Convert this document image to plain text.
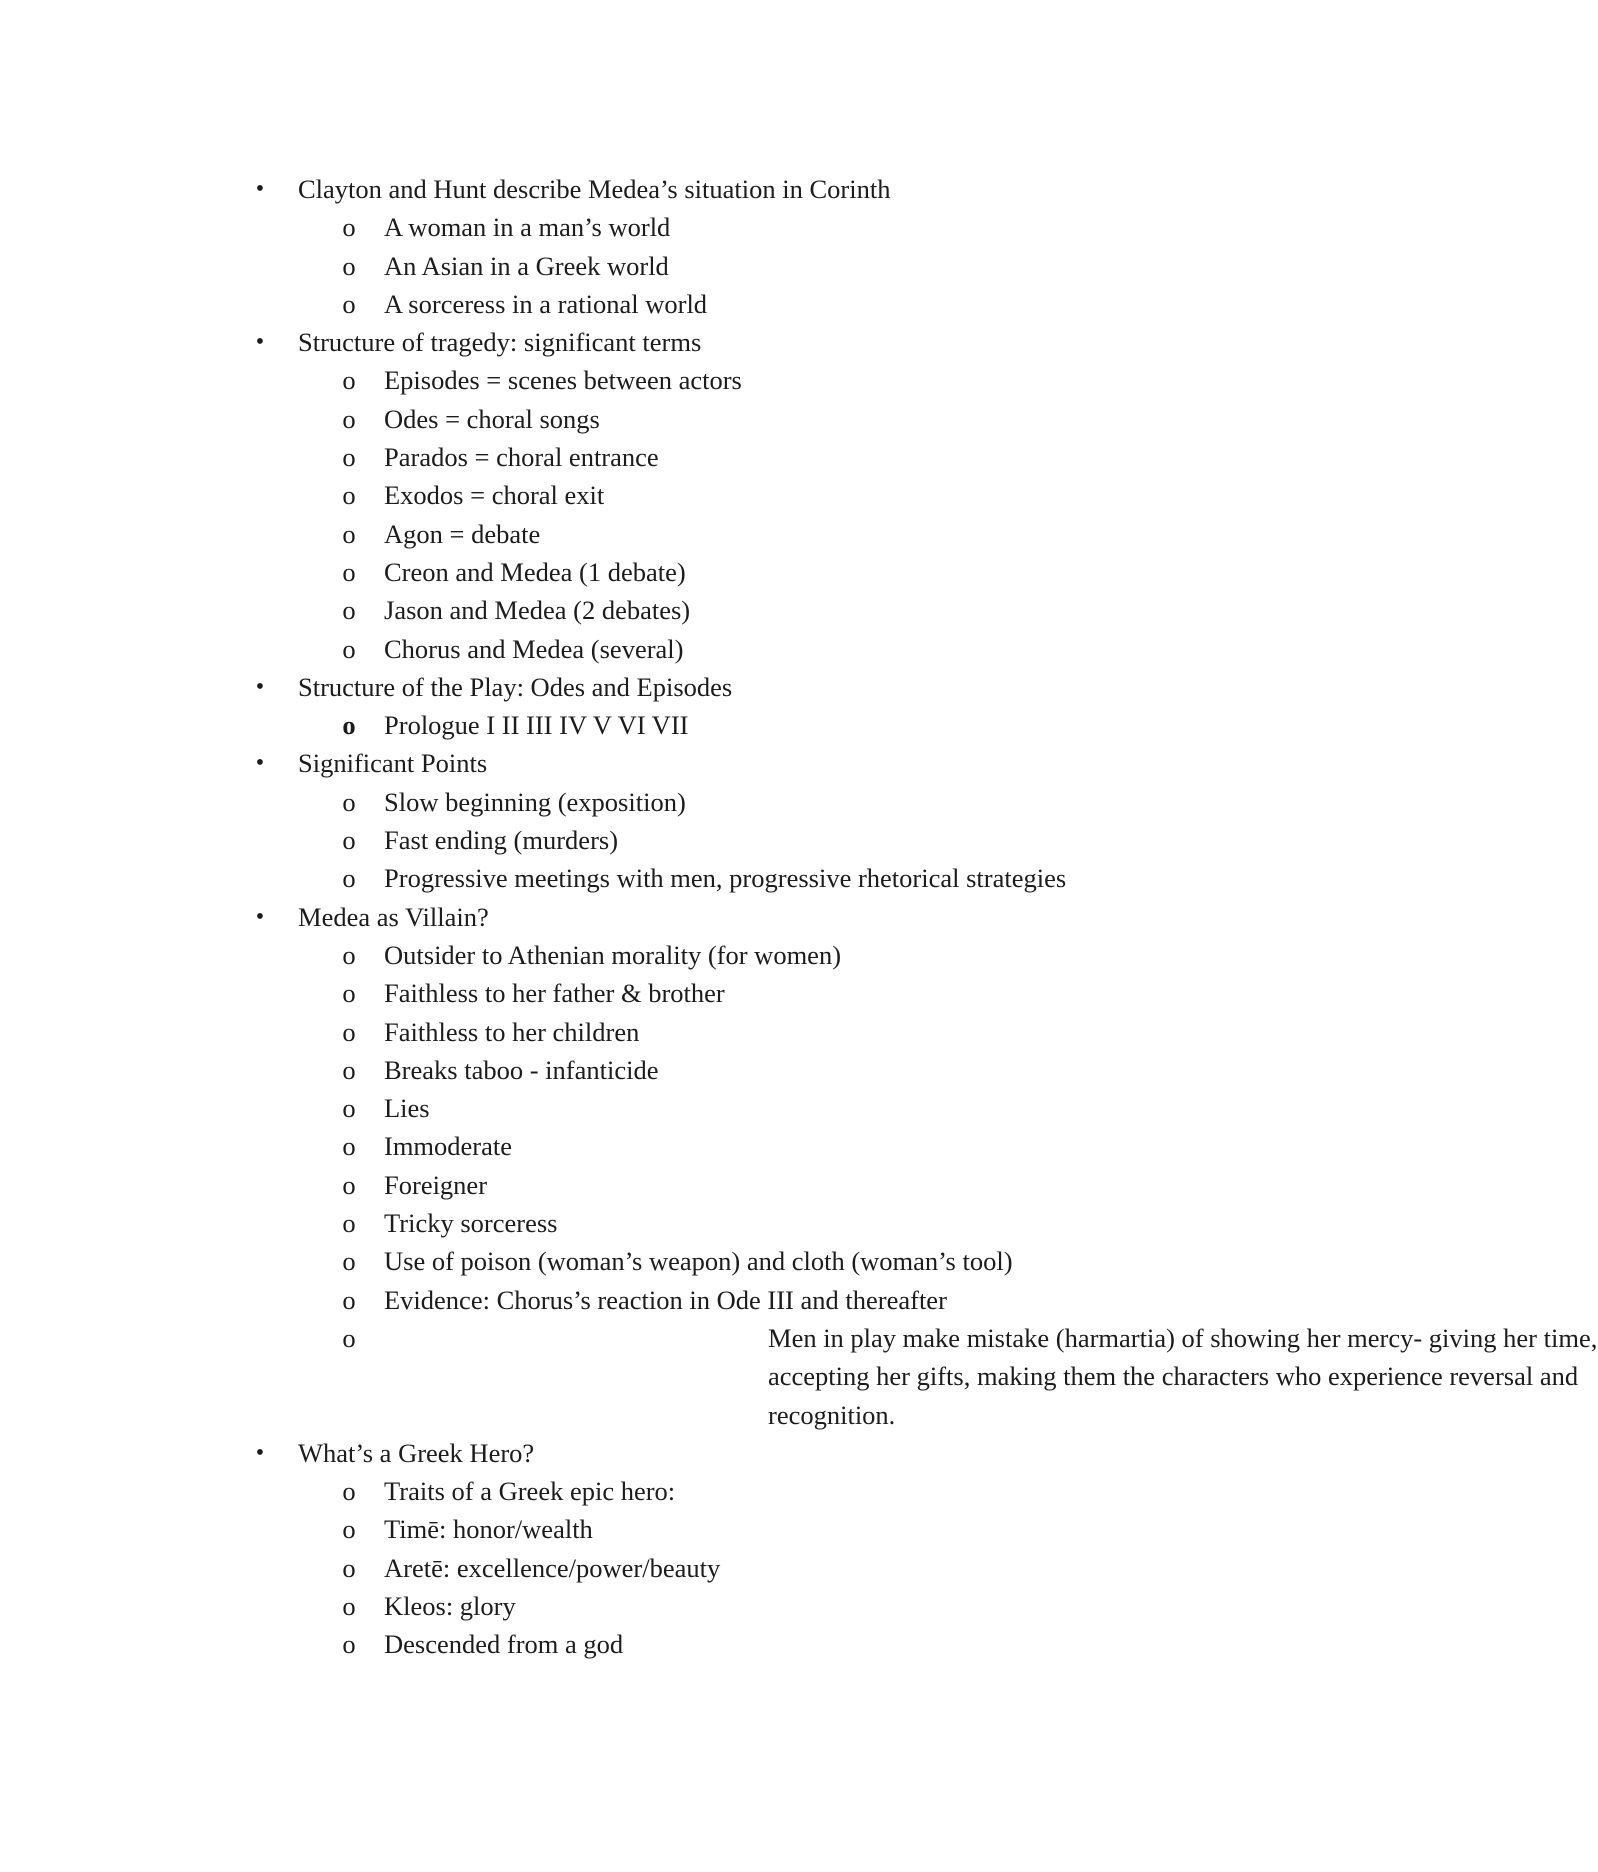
• Clayton and Hunt describe Medea’s situation in Corinth
o A woman in a man’s world
o An Asian in a Greek world
o A sorceress in a rational world
• Structure of tragedy: significant terms
o Episodes = scenes between actors
o Odes = choral songs
o Parados = choral entrance
o Exodos = choral exit
o Agon = debate
o Creon and Medea (1 debate)
o Jason and Medea (2 debates)
o Chorus and Medea (several)
• Structure of the Play: Odes and Episodes
o Prologue I II III IV V VI VII
• Significant Points
o Slow beginning (exposition)
o Fast ending (murders)
o Progressive meetings with men, progressive rhetorical strategies
• Medea as Villain?
o Outsider to Athenian morality (for women)
o Faithless to her father & brother
o Faithless to her children
o Breaks taboo - infanticide
o Lies
o Immoderate
o Foreigner
o Tricky sorceress
o Use of poison (woman’s weapon) and cloth (woman’s tool)
o Evidence: Chorus’s reaction in Ode III and thereafter
o	Men in play make mistake (harmartia) of showing her mercy- giving her time, accepting her gifts, making them the characters who experience reversal and recognition.
• What’s a Greek Hero?
o Traits of a Greek epic hero:
o Timē: honor/wealth
o Aretē: excellence/power/beauty
o Kleos: glory
o Descended from a god
